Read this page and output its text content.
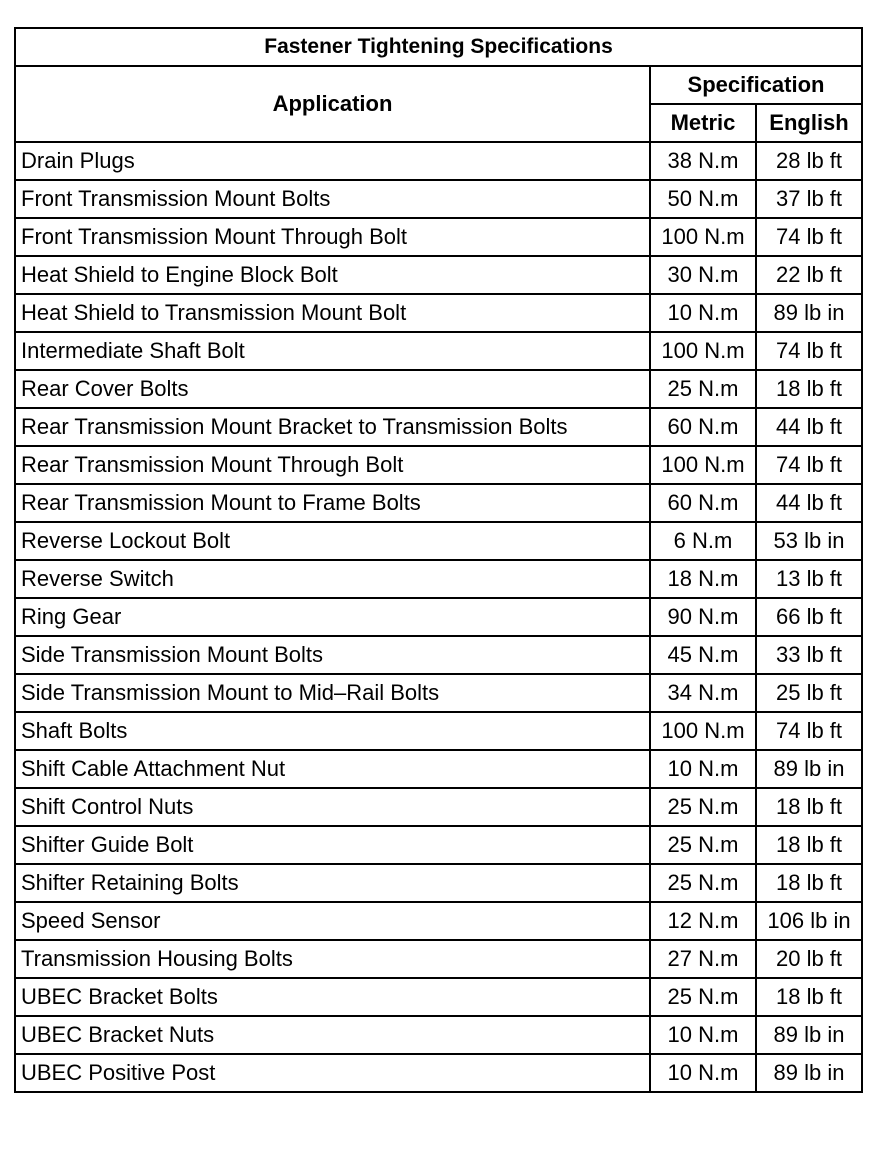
Fastener Tightening Specifications		
Application	Specification	
	Metric	English
Drain Plugs	38 N.m	28 lb ft
Front Transmission Mount Bolts	50 N.m	37 lb ft
Front Transmission Mount Through Bolt	100 N.m	74 lb ft
Heat Shield to Engine Block Bolt	30 N.m	22 lb ft
Heat Shield to Transmission Mount Bolt	10 N.m	89 lb in
Intermediate Shaft Bolt	100 N.m	74 lb ft
Rear Cover Bolts	25 N.m	18 lb ft
Rear Transmission Mount Bracket to Transmission Bolts	60 N.m	44 lb ft
Rear Transmission Mount Through Bolt	100 N.m	74 lb ft
Rear Transmission Mount to Frame Bolts	60 N.m	44 lb ft
Reverse Lockout Bolt	6 N.m	53 lb in
Reverse Switch	18 N.m	13 lb ft
Ring Gear	90 N.m	66 lb ft
Side Transmission Mount Bolts	45 N.m	33 lb ft
Side Transmission Mount to Mid–Rail Bolts	34 N.m	25 lb ft
Shaft Bolts	100 N.m	74 lb ft
Shift Cable Attachment Nut	10 N.m	89 lb in
Shift Control Nuts	25 N.m	18 lb ft
Shifter Guide Bolt	25 N.m	18 lb ft
Shifter Retaining Bolts	25 N.m	18 lb ft
Speed Sensor	12 N.m	106 lb in
Transmission Housing Bolts	27 N.m	20 lb ft
UBEC Bracket Bolts	25 N.m	18 lb ft
UBEC Bracket Nuts	10 N.m	89 lb in
UBEC Positive Post	10 N.m	89 lb in
